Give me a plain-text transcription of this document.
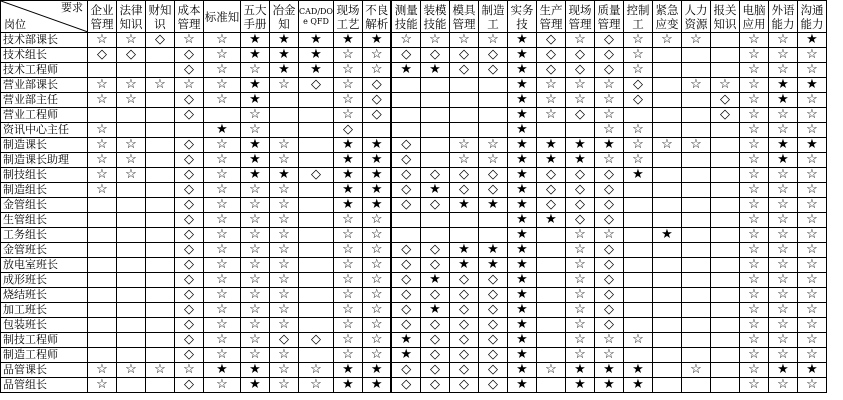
要求
岗位	企业管理	法律知识	财知识	成本管理	标准知	五大手册	冶金知	CAD/DO e QFD	现场工艺	不良解析	测量技能	装模技能	模具管理	制造工	实务技	生产管理	现场管理	质量管理	控制工	紧急应变	人力资源	报关知识	电脑应用	外语能力	沟通能力
技术部课长	☆	☆	◇	☆	☆	★	★	★	★	★	☆	☆	☆	☆	★	◇	☆	◇	☆	☆	☆		☆	☆	★
技术组长	◇	◇		◇	☆	★	★	★	☆	☆	◇	◇	◇	◇	★	◇	◇	◇	☆				☆	☆	☆
技术工程师				◇	☆	☆	★	★	☆	☆	★	★	◇	◇	★	◇	◇	◇	☆				☆	☆	☆
营业部课长	☆	☆	☆	☆	☆	★	☆	◇	☆	◇					★	☆	☆	☆	◇		☆	☆	☆	★	★
营业部主任	☆	☆		◇	☆	★			☆	◇					★	☆	☆	☆	◇			◇	☆	★	☆
营业工程师				◇		☆			☆	◇					★	☆	◇	☆				◇	☆	☆	☆
资讯中心主任	☆				★	☆			◇						★			☆	☆				☆	☆	☆
制造课长	☆	☆		◇	☆	★	☆		★	★	◇		☆	☆	★	★	★	★	☆	☆	☆		☆	★	★
制造课长助理	☆	☆		◇	☆	★	☆		★	★	◇		☆	☆	★	★	★	☆	☆				☆	★	☆
制技组长	☆	☆		◇	☆	★	★	◇	★	★	◇	◇	◇	◇	★	◇	◇	◇	★				☆	☆	☆
制造组长	☆			◇	☆	☆	☆		★	★	◇	★	◇	◇	★	◇	◇	◇					☆	☆	☆
金管组长				◇	☆	☆	☆		★	★	◇	◇	★	★	★	◇	◇	◇					☆	☆	☆
生管组长				◇	☆	☆	☆		☆	☆					★	★	◇	◇					☆	☆	☆
工务组长				◇	☆	☆	☆		☆	☆					★		☆	☆		★			☆	☆	☆
金管班长				◇	☆	☆	☆		☆	☆	◇	◇	★	★	★		☆	◇					☆	☆	☆
放电室班长				◇	☆	☆	☆		☆	☆	◇	◇	★	★	★		☆	◇					☆	☆	☆
成形班长				◇	☆	☆	☆		☆	☆	◇	★	◇	◇	★		☆	◇					☆	☆	☆
烧结班长				◇	☆	☆	☆		☆	☆	◇	◇	◇	◇	★		☆	◇					☆	☆	☆
加工班长				◇	☆	☆	☆		☆	☆	◇	★	◇	◇	★		☆	◇					☆	☆	☆
包装班长				◇	☆	☆	☆		☆	☆	◇	◇	◇	◇	★		☆	◇					☆	☆	☆
制技工程师				◇	☆	☆	◇	◇	☆	☆	★	◇	◇	◇	★		☆	☆	☆				☆	☆	☆
制造工程师				◇	☆	☆	☆		☆	☆	★	◇	◇	◇	★		☆	☆					☆	☆	☆
品管课长	☆	☆	☆	☆	★	★	☆	☆	★	★	◇	◇	◇	◇	★	☆	★	★	★		☆		☆	★	★
品管组长	☆			◇	☆	★	☆	☆	★	★	◇	◇	◇	◇	★		★	★	★				☆	☆	☆
